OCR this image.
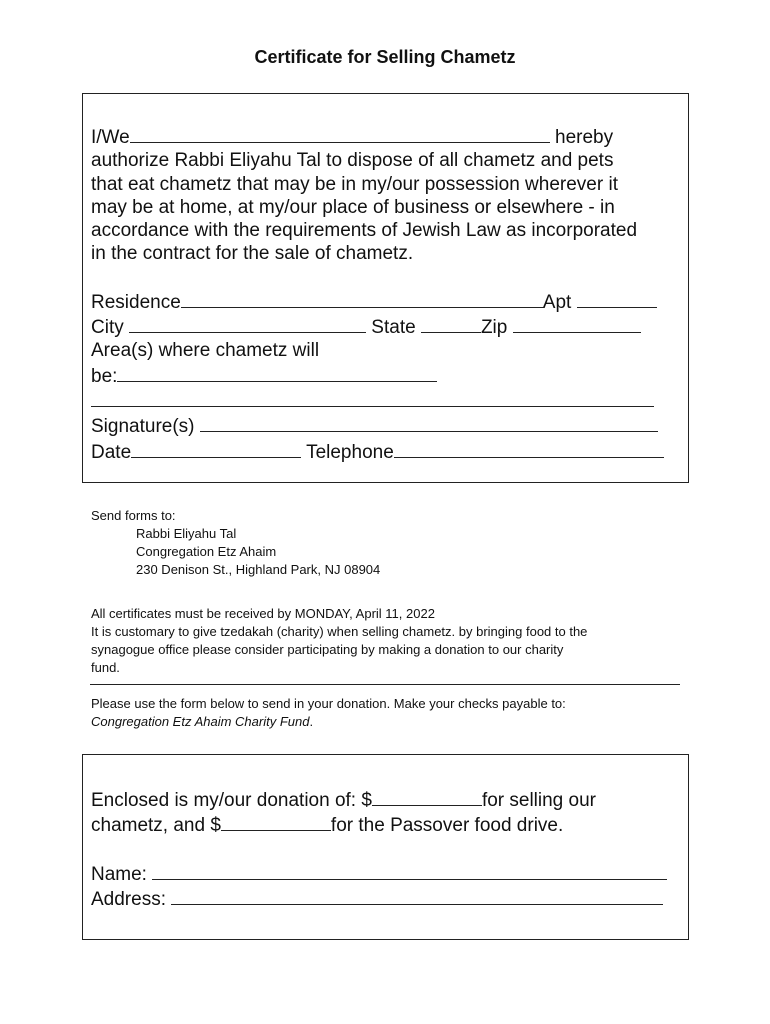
Certificate for Selling Chametz
I/We	hereby
authorize Rabbi Eliyahu Tal to dispose of all chametz and pets
that eat chametz that may be in my/our possession wherever it
may be at home, at my/our place of business or elsewhere - in
accordance with the requirements of Jewish Law as incorporated
in the contract for the sale of chametz.
Residence	Apt
City	State	Zip
Area(s) where chametz will
be:
Signature(s)
Date	Telephone
Send forms to:
Rabbi Eliyahu Tal
Congregation Etz Ahaim
230 Denison St., Highland Park, NJ 08904
All certificates must be received by MONDAY, April 11, 2022
It is customary to give tzedakah (charity) when selling chametz. by bringing food to the
synagogue office please consider participating by making a donation to our charity
fund.
Please use the form below to send in your donation. Make your checks payable to:
Congregation Etz Ahaim Charity Fund.
Enclosed is my/our donation of: $	for selling our
chametz, and $	for the Passover food drive.
Name:
Address:
